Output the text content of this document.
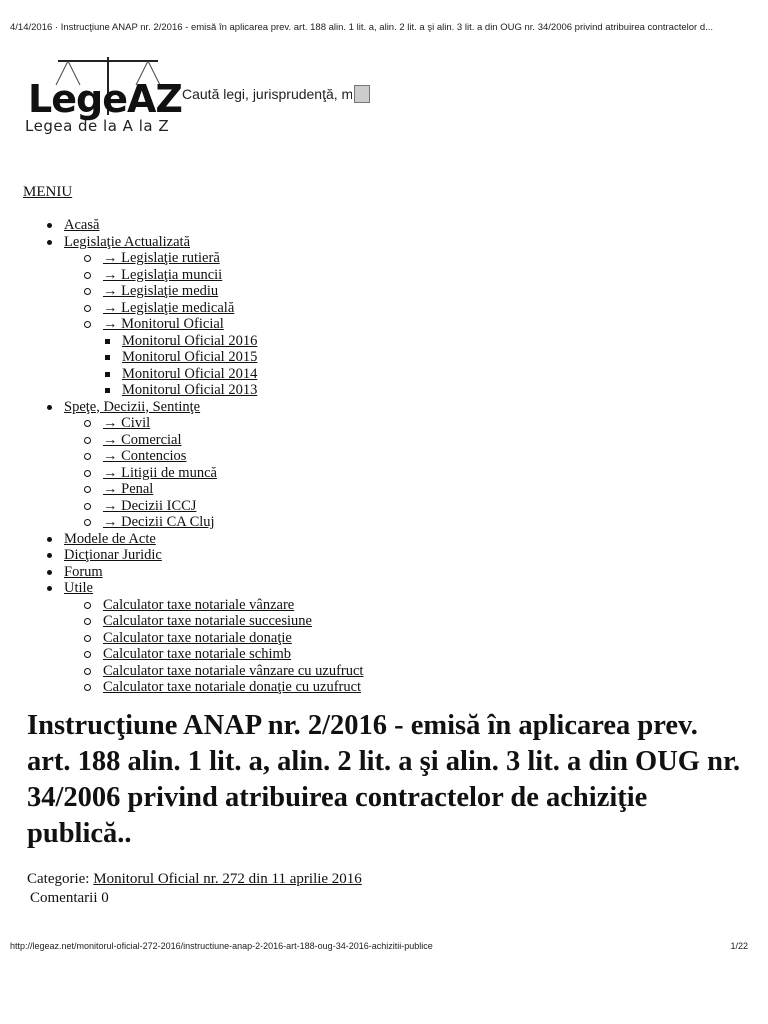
4/14/2016 · Instrucţiune ANAP nr. 2/2016 - emisă în aplicarea prev. art. 188 alin. 1 lit. a, alin. 2 lit. a şi alin. 3 lit. a din OUG nr. 34/2006 privind atribuirea contractelor d...
LegeAZ
Caută legi, jurisprudenţă, mo
Legea de la A la Z
MENIU
Acasă
Legislaţie Actualizată
→ Legislaţie rutieră
→ Legislaţia muncii
→ Legislaţie mediu
→ Legislaţie medicală
→ Monitorul Oficial
Monitorul Oficial 2016
Monitorul Oficial 2015
Monitorul Oficial 2014
Monitorul Oficial 2013
Speţe, Decizii, Sentinţe
→ Civil
→ Comercial
→ Contencios
→ Litigii de muncă
→ Penal
→ Decizii ICCJ
→ Decizii CA Cluj
Modele de Acte
Dicţionar Juridic
Forum
Utile
Calculator taxe notariale vânzare
Calculator taxe notariale succesiune
Calculator taxe notariale donaţie
Calculator taxe notariale schimb
Calculator taxe notariale vânzare cu uzufruct
Calculator taxe notariale donaţie cu uzufruct
Instrucţiune ANAP nr. 2/2016 - emisă în aplicarea prev. art. 188 alin. 1 lit. a, alin. 2 lit. a şi alin. 3 lit. a din OUG nr. 34/2006 privind atribuirea contractelor de achiziţie publică..
Categorie: Monitorul Oficial nr. 272 din 11 aprilie 2016
Comentarii 0
http://legeaz.net/monitorul-oficial-272-2016/instructiune-anap-2-2016-art-188-oug-34-2016-achizitii-publice	1/22
